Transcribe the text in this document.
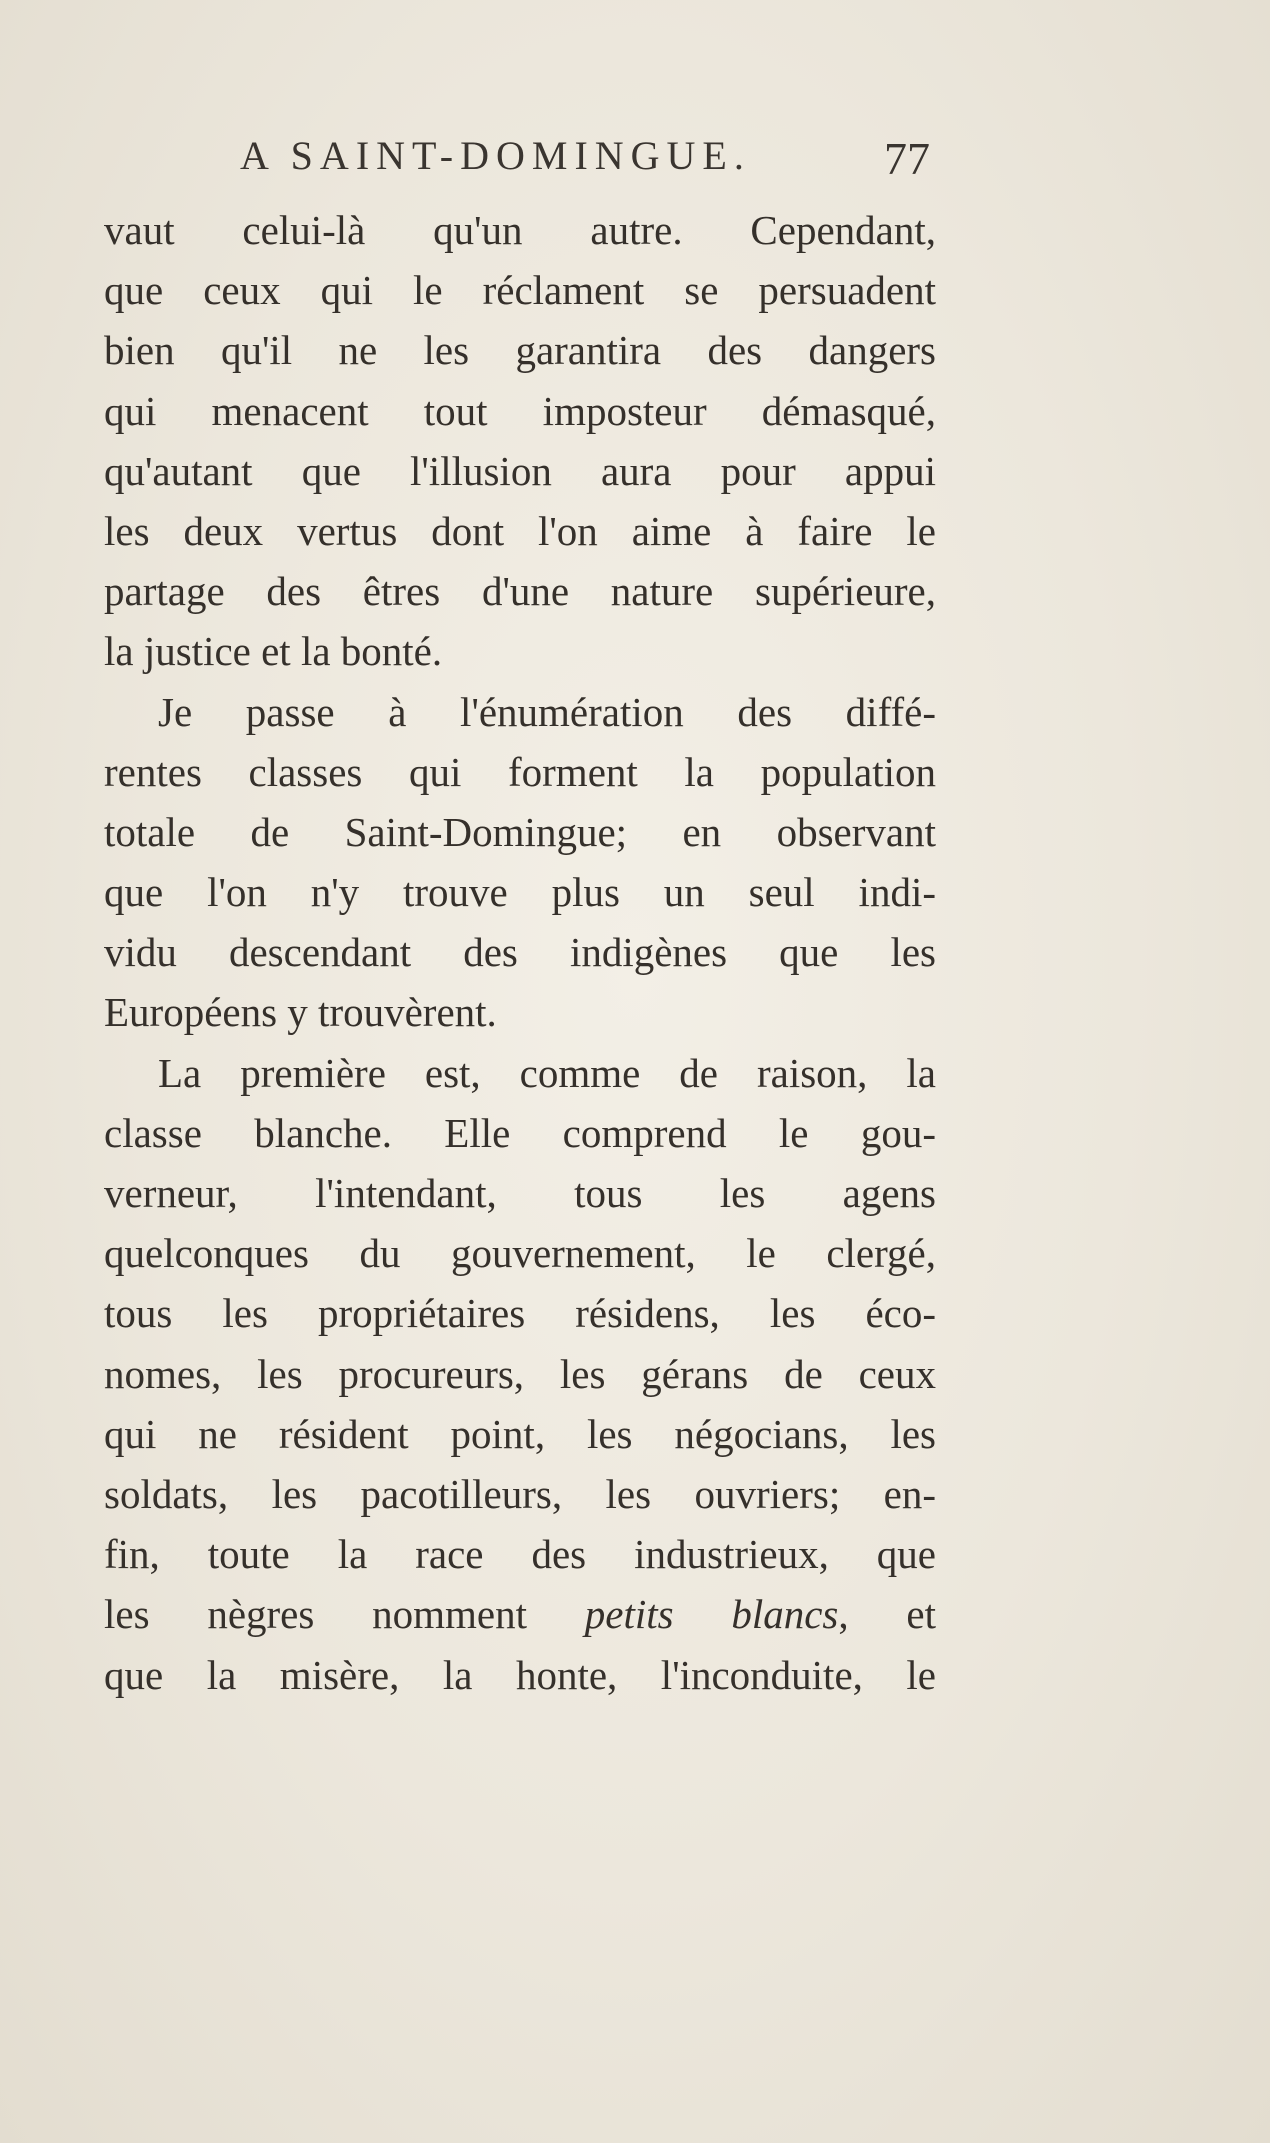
A SAINT-DOMINGUE.	77
vaut celui-là qu'un autre. Cependant,
que ceux qui le réclament se persuadent
bien qu'il ne les garantira des dangers
qui menacent tout imposteur démasqué,
qu'autant que l'illusion aura pour appui
les deux vertus dont l'on aime à faire le
partage des êtres d'une nature supérieure,
la justice et la bonté.
Je passe à l'énumération des diffé-
rentes classes qui forment la population
totale de Saint-Domingue; en observant
que l'on n'y trouve plus un seul indi-
vidu descendant des indigènes que les
Européens y trouvèrent.
La première est, comme de raison, la
classe blanche. Elle comprend le gou-
verneur, l'intendant, tous les agens
quelconques du gouvernement, le clergé,
tous les propriétaires résidens, les éco-
nomes, les procureurs, les gérans de ceux
qui ne résident point, les négocians, les
soldats, les pacotilleurs, les ouvriers; en-
fin, toute la race des industrieux, que
les nègres nomment petits blancs, et
que la misère, la honte, l'inconduite, le
